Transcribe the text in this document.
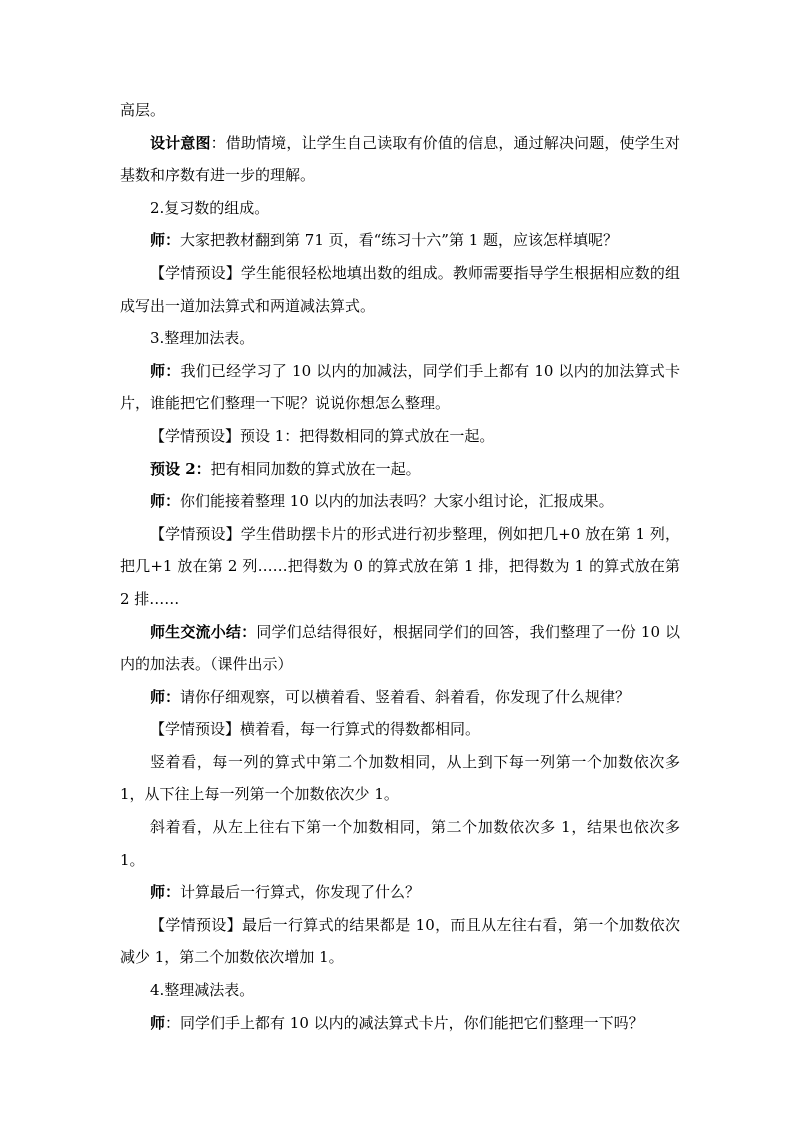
高层。

设计意图：借助情境，让学生自己读取有价值的信息，通过解决问题，使学生对基数和序数有进一步的理解。

2.复习数的组成。

师：大家把教材翻到第 71 页，看“练习十六”第 1 题，应该怎样填呢？

【学情预设】学生能很轻松地填出数的组成。教师需要指导学生根据相应数的组成写出一道加法算式和两道减法算式。

3.整理加法表。

师：我们已经学习了 10 以内的加减法，同学们手上都有 10 以内的加法算式卡片，谁能把它们整理一下呢？说说你想怎么整理。

【学情预设】预设 1：把得数相同的算式放在一起。

预设 2：把有相同加数的算式放在一起。

师：你们能接着整理 10 以内的加法表吗？大家小组讨论，汇报成果。

【学情预设】学生借助摆卡片的形式进行初步整理，例如把几+0 放在第 1 列，把几+1 放在第 2 列……把得数为 0 的算式放在第 1 排，把得数为 1 的算式放在第 2 排……

师生交流小结：同学们总结得很好，根据同学们的回答，我们整理了一份 10 以内的加法表。（课件出示）

师：请你仔细观察，可以横着看、竖着看、斜着看，你发现了什么规律？

【学情预设】横着看，每一行算式的得数都相同。

竖着看，每一列的算式中第二个加数相同，从上到下每一列第一个加数依次多 1，从下往上每一列第一个加数依次少 1。

斜着看，从左上往右下第一个加数相同，第二个加数依次多 1，结果也依次多 1。

师：计算最后一行算式，你发现了什么？

【学情预设】最后一行算式的结果都是 10，而且从左往右看，第一个加数依次减少 1，第二个加数依次增加 1。

4.整理减法表。

师：同学们手上都有 10 以内的减法算式卡片，你们能把它们整理一下吗？
